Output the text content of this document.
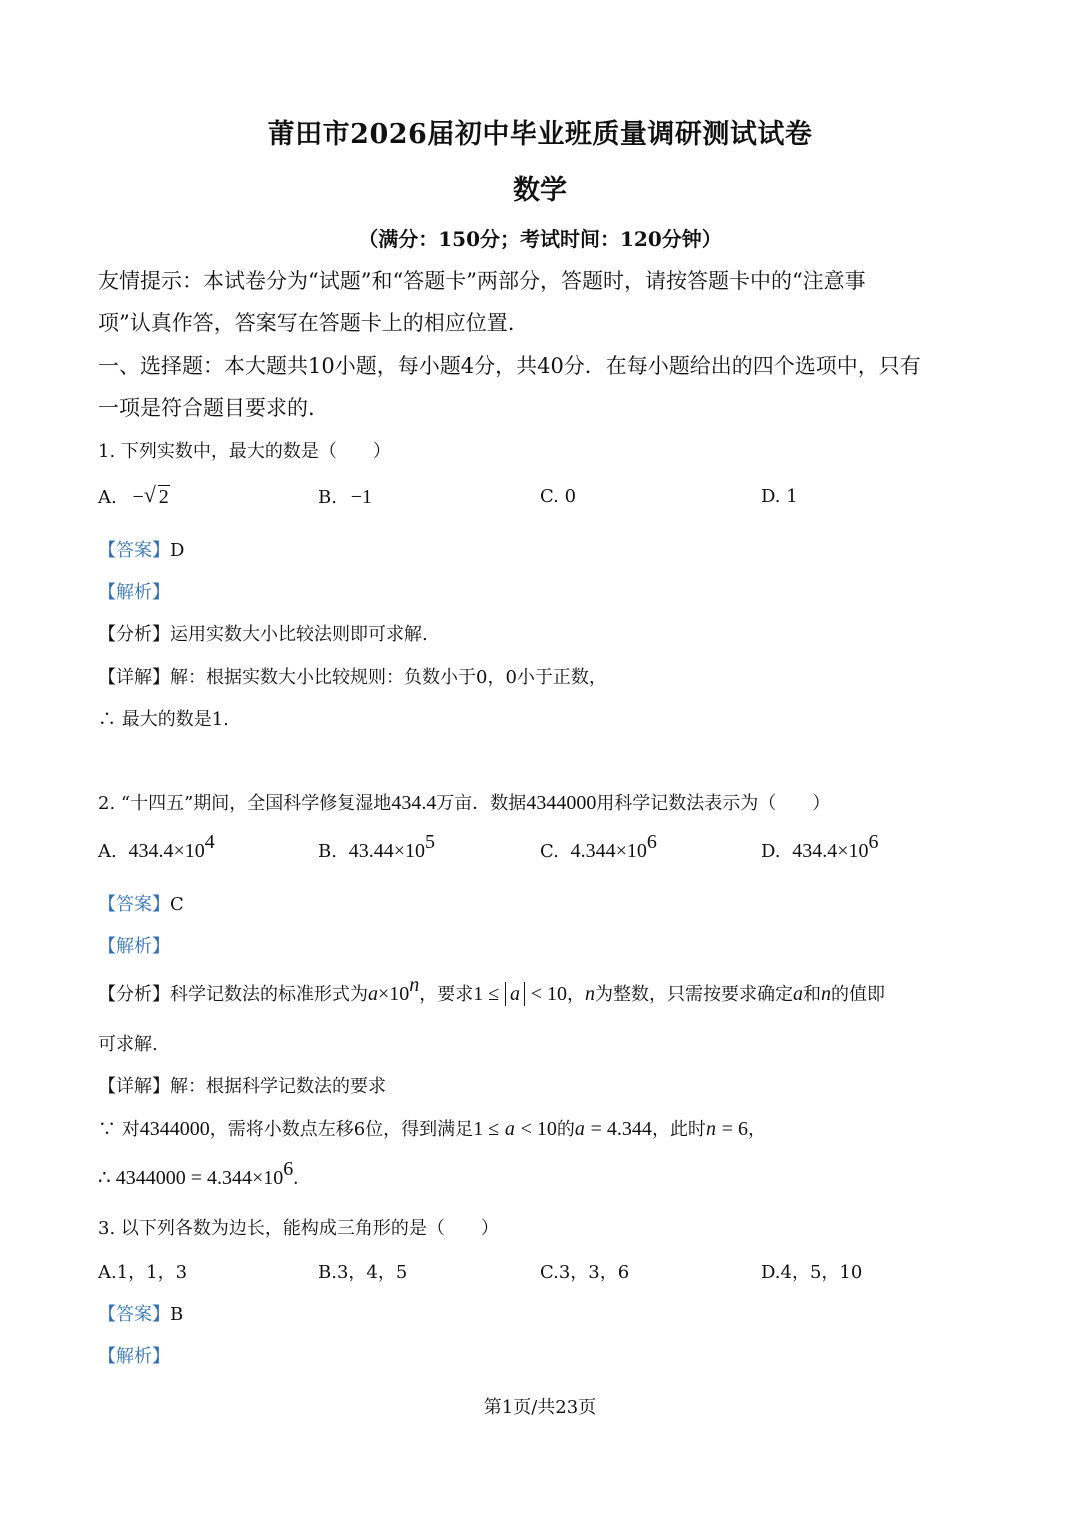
莆田市2026届初中毕业班质量调研测试试卷
数学
（满分：150分；考试时间：120分钟）
友情提示：本试卷分为“试题”和“答题卡”两部分，答题时，请按答题卡中的“注意事
项”认真作答，答案写在答题卡上的相应位置.
一、选择题：本大题共10小题，每小题4分，共40分．在每小题给出的四个选项中，只有
一项是符合题目要求的.
1. 下列实数中，最大的数是（　　）
A. − √ 2	B. −1	C. 0	D. 1
【答案】D
【解析】
【分析】运用实数大小比较法则即可求解.
【详解】解：根据实数大小比较规则：负数小于0，0小于正数，
∴ 最大的数是1.
2. “十四五”期间，全国科学修复湿地434.4万亩．数据4344000用科学记数法表示为（　　）
A. $434.4\times 10^4$	B. $43.44\times 10^5$	C. $4.344\times 10^6$	D. $434.4\times 10^6$
【答案】C
【解析】
【分析】科学记数法的标准形式为$a\times 10^n$，要求1 ≤ a < 10，n为整数，只需按要求确定a和n的值即
可求解.
【详解】解：根据科学记数法的要求
∵ 对4344000，需将小数点左移6位，得到满足1 ≤ a < 10的a = 4.344，此时n = 6，
∴ $4344000 = 4.344\times 10^6$.
3. 以下列各数为边长，能构成三角形的是（　　）
A.1，1，3	B.3，4，5	C.3，3，6	D.4，5，10
【答案】B
【解析】
第1页/共23页
